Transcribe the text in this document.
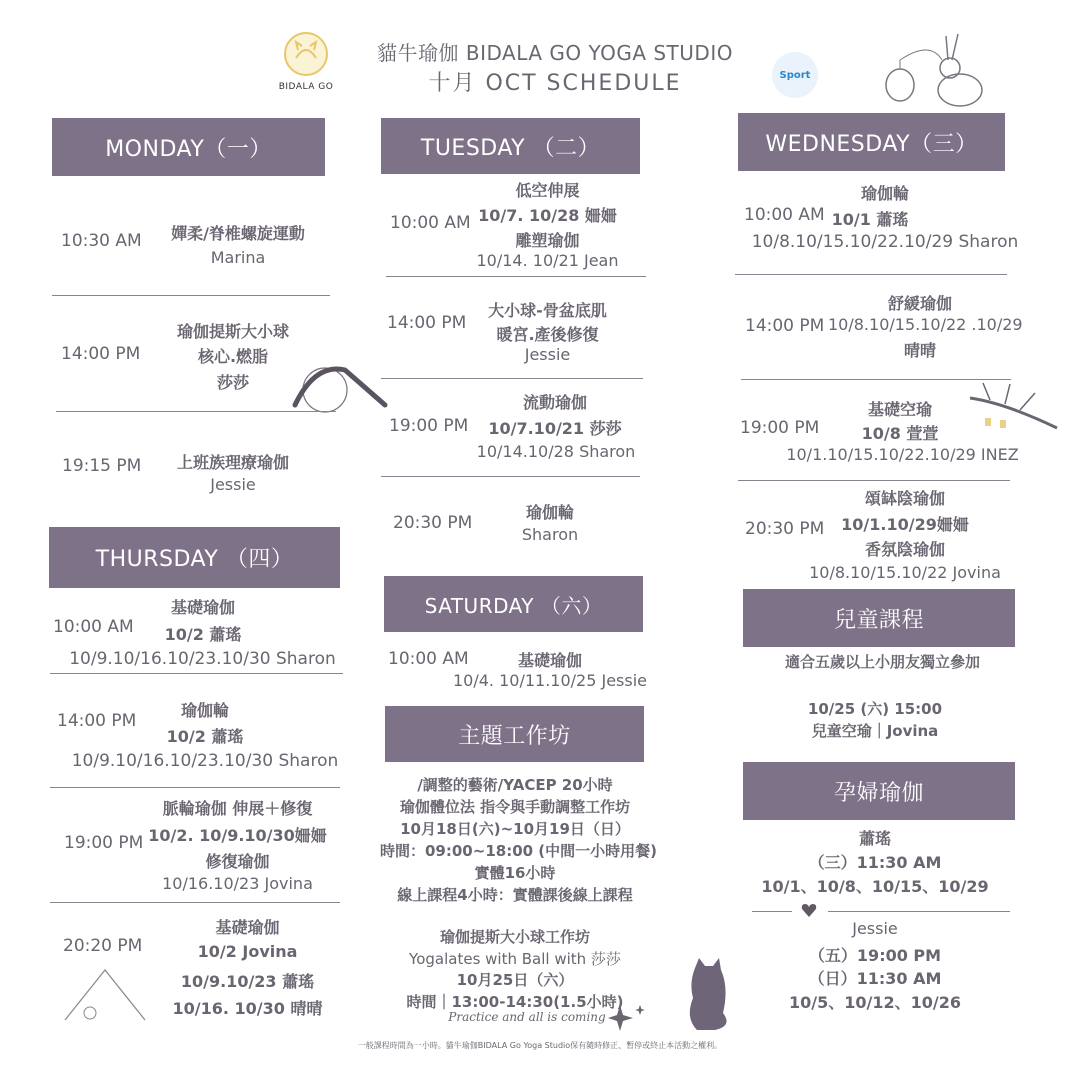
BIDALA GO
貓牛瑜伽 BIDALA GO YOGA STUDIO
十月 OCT SCHEDULE	Sport
MONDAY（一）
10:30 AM	嬋柔/脊椎螺旋運動
Marina
14:00 PM
瑜伽提斯大小球
核心.燃脂
莎莎
19:15 PM	上班族理療瑜伽
Jessie
THURSDAY （四）
10:00 AM
基礎瑜伽
10/2 蕭瑤
10/9.10/16.10/23.10/30 Sharon
14:00 PM
瑜伽輪
10/2 蕭瑤
10/9.10/16.10/23.10/30 Sharon
19:00 PM
脈輪瑜伽 伸展＋修復
10/2. 10/9.10/30姍姍
修復瑜伽
10/16.10/23 Jovina
20:20 PM
基礎瑜伽
10/2 Jovina
10/9.10/23 蕭瑤
10/16. 10/30 晴晴
TUESDAY （二）
10:00 AM
低空伸展
10/7. 10/28 姍姍
雕塑瑜伽
10/14. 10/21 Jean
14:00 PM
大小球-骨盆底肌
暖宮.產後修復
Jessie
19:00 PM
流動瑜伽
10/7.10/21 莎莎
10/14.10/28 Sharon
20:30 PM
瑜伽輪
Sharon
SATURDAY （六）
10:00 AM	基礎瑜伽
10/4. 10/11.10/25 Jessie
主題工作坊
/調整的藝術/YACEP 20小時
瑜伽體位法 指令與手動調整工作坊
10月18日(六)~10月19日（日）
時間：09:00~18:00 (中間一小時用餐)
實體16小時
線上課程4小時：實體課後線上課程
瑜伽提斯大小球工作坊
Yogalates with Ball with 莎莎
10月25日（六）
時間｜13:00-14:30(1.5小時)
Practice and all is coming
WEDNESDAY（三）
10:00 AM
瑜伽輪
10/1 蕭瑤
10/8.10/15.10/22.10/29 Sharon
14:00 PM
舒緩瑜伽
10/8.10/15.10/22 .10/29
晴晴
19:00 PM
基礎空瑜
10/8 萱萱
10/1.10/15.10/22.10/29 INEZ
20:30 PM
頌缽陰瑜伽
10/1.10/29姍姍
香氛陰瑜伽
10/8.10/15.10/22 Jovina
兒童課程
適合五歲以上小朋友獨立參加
10/25 (六) 15:00
兒童空瑜｜Jovina
孕婦瑜伽
蕭瑤
（三）11:30 AM
10/1、10/8、10/15、10/29
Jessie
（五）19:00 PM
（日）11:30 AM
10/5、10/12、10/26
一般課程時間為一小時。貓牛瑜伽BIDALA Go Yoga Studio保有隨時修正、暫停或終止本活動之權利。
